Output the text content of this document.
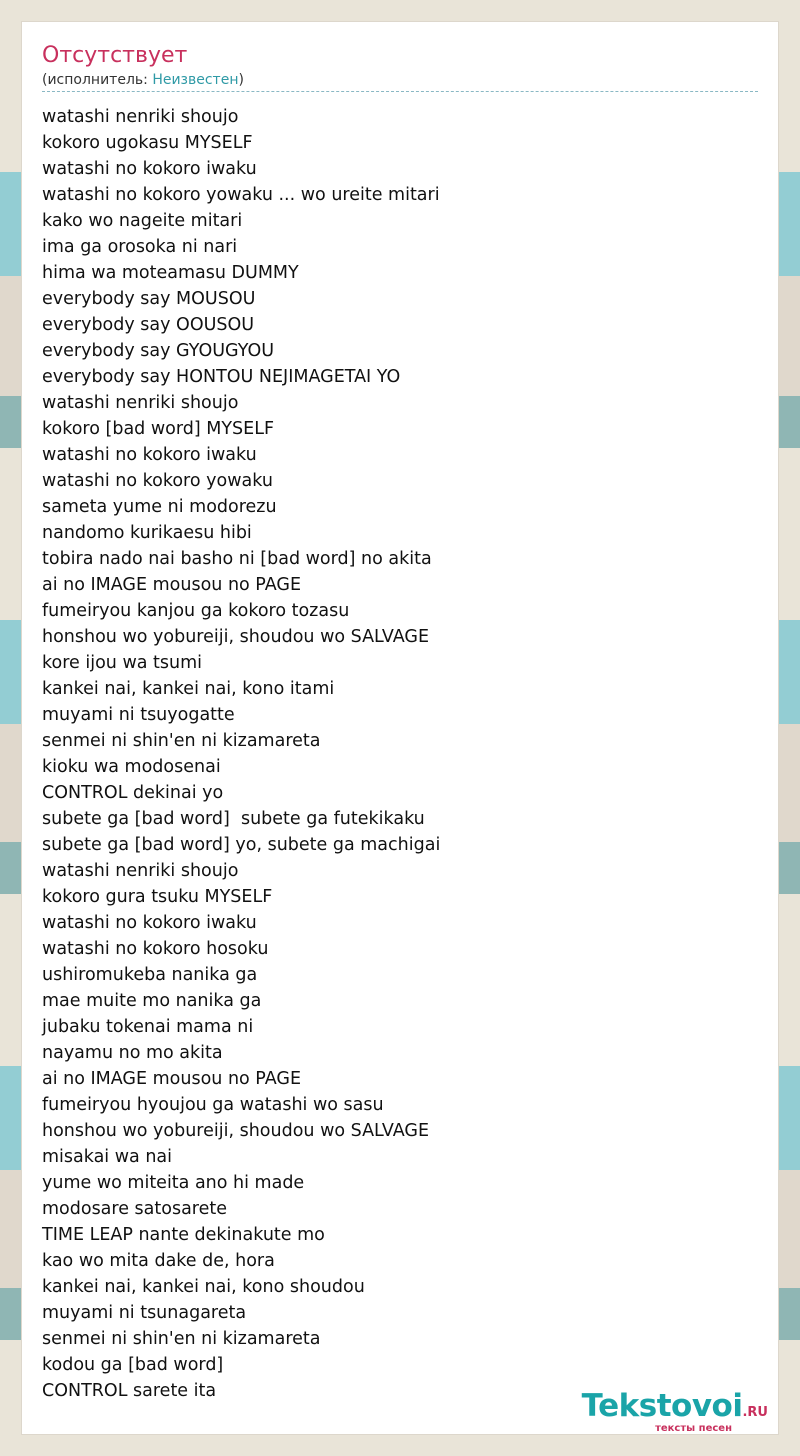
Отсутствует
(исполнитель: Неизвестен)
watashi nenriki shoujo
kokoro ugokasu MYSELF
watashi no kokoro iwaku
watashi no kokoro yowaku ... wo ureite mitari
kako wo nageite mitari
ima ga orosoka ni nari
hima wa moteamasu DUMMY
everybody say MOUSOU
everybody say OOUSOU
everybody say GYOUGYOU
everybody say HONTOU NEJIMAGETAI YO
watashi nenriki shoujo
kokoro [bad word] MYSELF
watashi no kokoro iwaku
watashi no kokoro yowaku
sameta yume ni modorezu
nandomo kurikaesu hibi
tobira nado nai basho ni [bad word] no akita
ai no IMAGE mousou no PAGE
fumeiryou kanjou ga kokoro tozasu
honshou wo yobureiji, shoudou wo SALVAGE
kore ijou wa tsumi
kankei nai, kankei nai, kono itami
muyami ni tsuyogatte
senmei ni shin'en ni kizamareta
kioku wa modosenai
CONTROL dekinai yo
subete ga [bad word]  subete ga futekikaku
subete ga [bad word] yo, subete ga machigai
watashi nenriki shoujo
kokoro gura tsuku MYSELF
watashi no kokoro iwaku
watashi no kokoro hosoku
ushiromukeba nanika ga
mae muite mo nanika ga
jubaku tokenai mama ni
nayamu no mo akita
ai no IMAGE mousou no PAGE
fumeiryou hyoujou ga watashi wo sasu
honshou wo yobureiji, shoudou wo SALVAGE
misakai wa nai
yume wo miteita ano hi made
modosare satosarete
TIME LEAP nante dekinakute mo
kao wo mita dake de, hora
kankei nai, kankei nai, kono shoudou
muyami ni tsunagareta
senmei ni shin'en ni kizamareta
kodou ga [bad word]
CONTROL sarete ita	Tekstovoi.RU
тексты песен
